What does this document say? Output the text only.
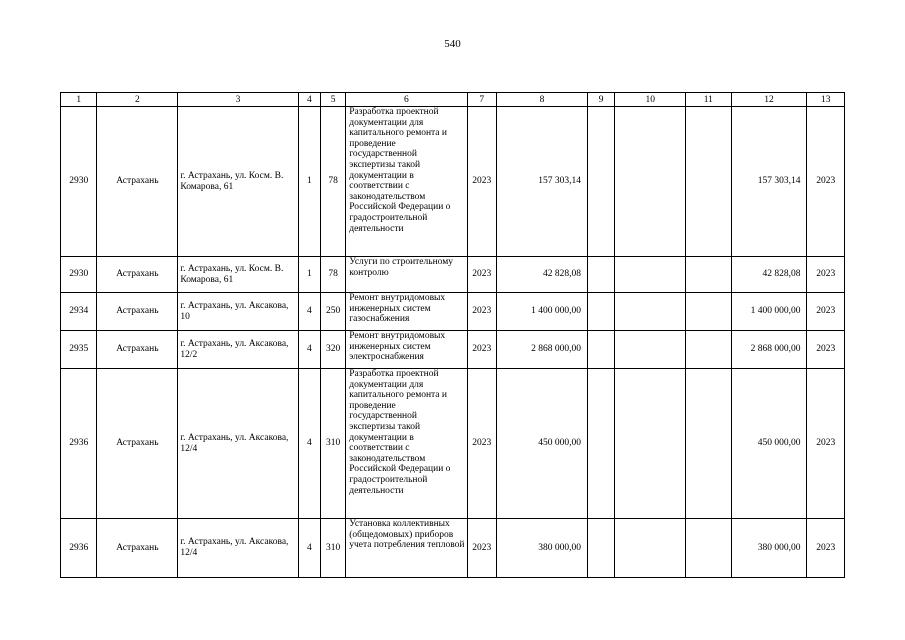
540
1	2	3	4	5	6	7	8	9	10	11	12	13
2930	Астрахань	г. Астрахань, ул. Косм. В. Комарова, 61	1	78	Разработка проектной документации для капитального ремонта и проведение государственной экспертизы такой документации в соответствии с законодательством Российской Федерации о градостроительной деятельности	2023	157 303,14				157 303,14	2023
2930	Астрахань	г. Астрахань, ул. Косм. В. Комарова, 61	1	78	Услуги по строительному контролю	2023	42 828,08				42 828,08	2023
2934	Астрахань	г. Астрахань, ул. Аксакова, 10	4	250	Ремонт внутридомовых инженерных систем газоснабжения	2023	1 400 000,00				1 400 000,00	2023
2935	Астрахань	г. Астрахань, ул. Аксакова, 12/2	4	320	Ремонт внутридомовых инженерных систем электроснабжения	2023	2 868 000,00				2 868 000,00	2023
2936	Астрахань	г. Астрахань, ул. Аксакова, 12/4	4	310	Разработка проектной документации для капитального ремонта и проведение государственной экспертизы такой документации в соответствии с законодательством Российской Федерации о градостроительной деятельности	2023	450 000,00				450 000,00	2023
2936	Астрахань	г. Астрахань, ул. Аксакова, 12/4	4	310	Установка коллективных (общедомовых) приборов учета потребления тепловой	2023	380 000,00				380 000,00	2023
